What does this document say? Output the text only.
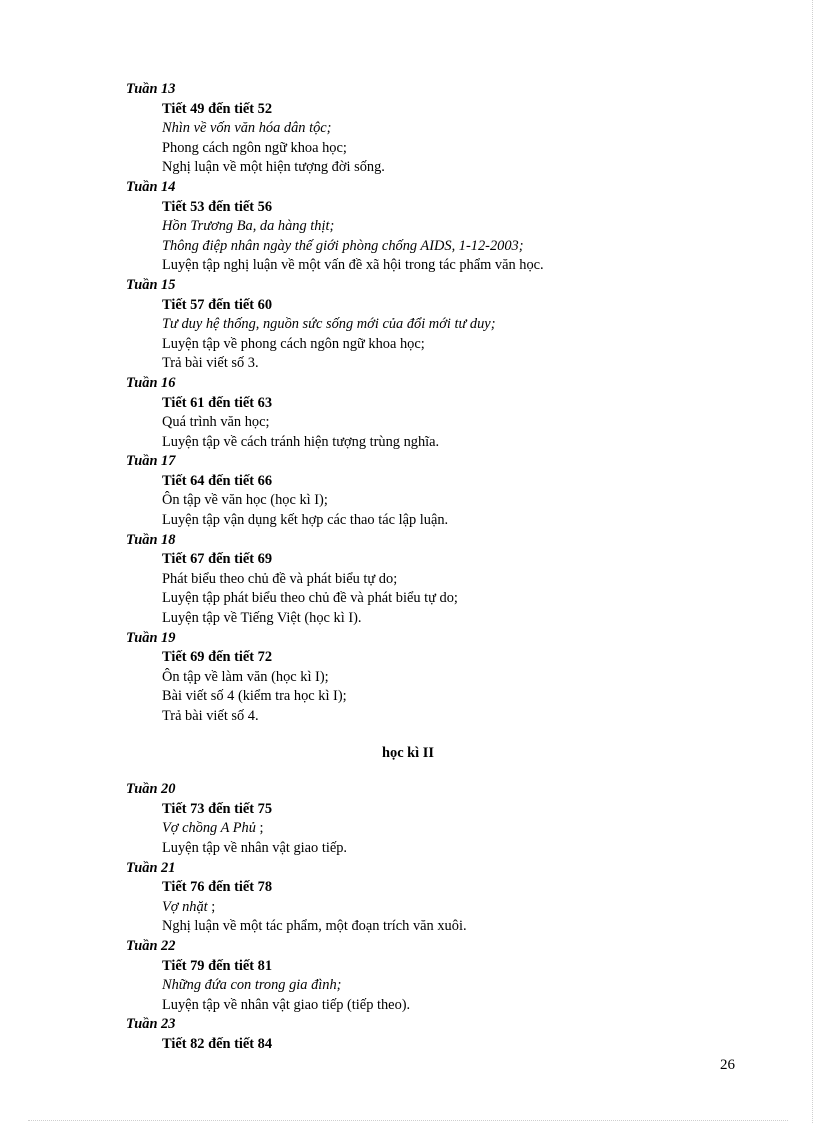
Tuần 13
Tiết 49 đến tiết 52
Nhìn về vốn văn hóa dân tộc;
Phong cách ngôn ngữ khoa học;
Nghị luận về một hiện tượng đời sống.
Tuần 14
Tiết 53 đến tiết 56
Hồn Trương Ba, da hàng thịt;
Thông điệp nhân ngày thế giới phòng chống AIDS, 1-12-2003;
Luyện tập nghị luận về một vấn đề xã hội trong tác phẩm văn học.
Tuần 15
Tiết 57 đến tiết 60
Tư duy hệ thống, nguồn sức sống mới của đổi mới tư duy;
Luyện tập về phong cách ngôn ngữ khoa học;
Trả bài viết số 3.
Tuần 16
Tiết 61 đến tiết 63
Quá trình văn học;
Luyện tập về cách tránh hiện tượng trùng nghĩa.
Tuần 17
Tiết 64 đến tiết 66
Ôn tập về văn học (học kì I);
Luyện tập vận dụng kết hợp các thao tác lập luận.
Tuần 18
Tiết 67 đến tiết 69
Phát biểu theo chủ đề và phát biểu tự do;
Luyện tập phát biểu theo chủ đề và phát biểu tự do;
Luyện tập về Tiếng Việt (học kì I).
Tuần 19
Tiết 69 đến tiết 72
Ôn tập về làm văn (học kì I);
Bài viết số 4 (kiểm tra học kì I);
Trả bài viết số 4.
học kì II
Tuần 20
Tiết 73 đến tiết 75
Vợ chồng A Phủ ;
Luyện tập về nhân vật giao tiếp.
Tuần 21
Tiết 76 đến tiết 78
Vợ nhặt ;
Nghị luận về một tác phẩm, một đoạn trích văn xuôi.
Tuần 22
Tiết 79 đến tiết 81
Những đứa con trong gia đình;
Luyện tập về nhân vật giao tiếp (tiếp theo).
Tuần 23
Tiết 82 đến tiết 84
26
